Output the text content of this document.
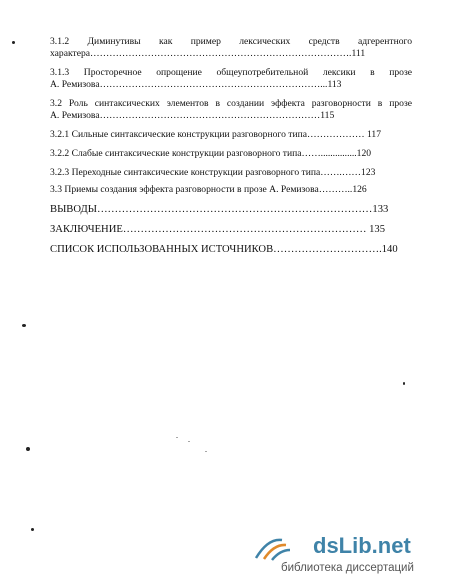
3.1.2 Диминутивы как пример лексических средств адгерентного

характера……………………………………………………………………….111

3.1.3 Просторечное опрощение общеупотребительной лексики в прозе

А. Ремизова……………………………………………………………...113

3.2 Роль синтаксических элементов в создании эффекта разговорности в прозе

А. Ремизова……………………………………………………………115

3.2.1 Сильные синтаксические конструкции разговорного типа……………… 117

3.2.2 Слабые синтаксические конструкции разговорного типа……...............120

3.2.3 Переходные синтаксические конструкции разговорного типа…….……123

3.3 Приемы создания эффекта разговорности в прозе А. Ремизова………..126

ВЫВОДЫ……………………………………………………………………133

ЗАКЛЮЧЕНИЕ…………………………………………………………… 135

СПИСОК ИСПОЛЬЗОВАННЫХ ИСТОЧНИКОВ………………………….140

dsLib.net
библиотека диссертаций
